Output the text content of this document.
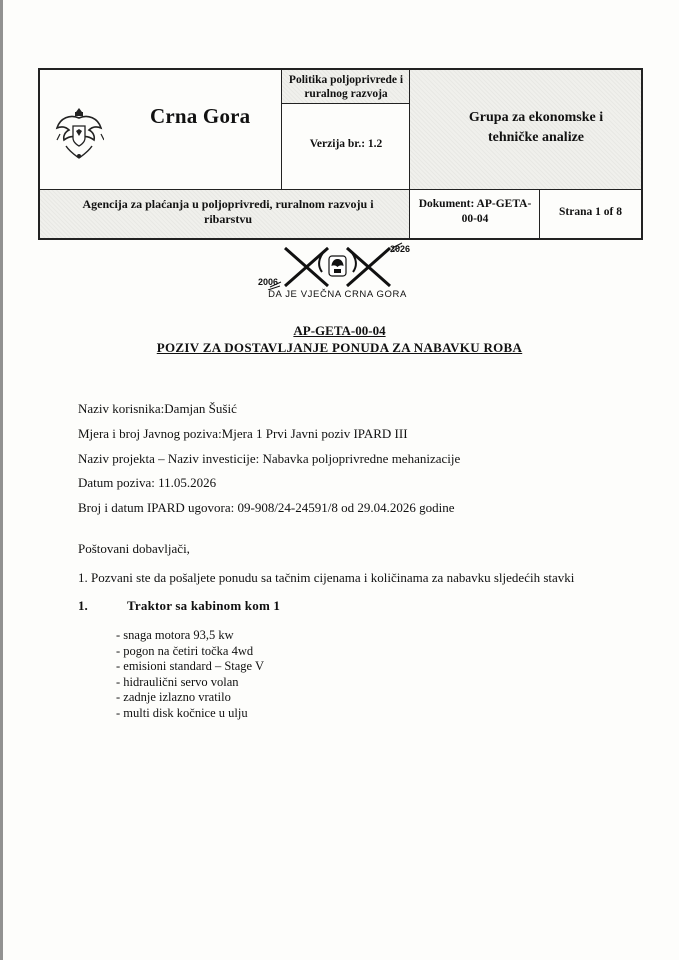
Crna Gora
Politika poljoprivrede i ruralnog razvoja
Verzija br.: 1.2
Grupa za ekonomske i tehničke analize
Agencija za plaćanja u poljoprivredi, ruralnom razvoju i ribarstvu
Dokument: AP-GETA-00-04
Strana 1 of 8
2006
2026
DA JE VJEČNA CRNA GORA
AP-GETA-00-04
POZIV ZA DOSTAVLJANJE PONUDA ZA NABAVKU ROBA
Naziv korisnika:Damjan Šušić
Mjera i broj Javnog poziva:Mjera 1 Prvi Javni poziv IPARD III
Naziv projekta – Naziv investicije: Nabavka poljoprivredne mehanizacije
Datum poziva: 11.05.2026
Broj i datum IPARD ugovora: 09-908/24-24591/8 od 29.04.2026 godine
Poštovani dobavljači,
1. Pozvani ste da pošaljete ponudu sa tačnim cijenama i količinama za nabavku sljedećih stavki
1.	Traktor sa kabinom kom 1
- snaga motora 93,5 kw
- pogon na četiri točka 4wd
- emisioni standard – Stage V
- hidraulični servo volan
- zadnje izlazno vratilo
- multi disk kočnice u ulju
